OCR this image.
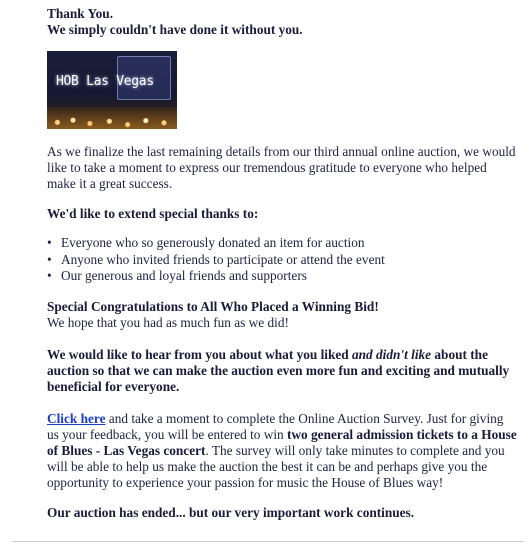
Thank You.

We simply couldn't have done it without you.

HOB Las Vegas

As we finalize the last remaining details from our third annual online auction, we would like to take a moment to express our tremendous gratitude to everyone who helped make it a great success.

We'd like to extend special thanks to:

• Everyone who so generously donated an item for auction
• Anyone who invited friends to participate or attend the event
• Our generous and loyal friends and supporters

Special Congratulations to All Who Placed a Winning Bid!

We hope that you had as much fun as we did!

We would like to hear from you about what you liked and didn't like about the auction so that we can make the auction even more fun and exciting and mutually beneficial for everyone.

Click here and take a moment to complete the Online Auction Survey. Just for giving us your feedback, you will be entered to win two general admission tickets to a House of Blues - Las Vegas concert. The survey will only take minutes to complete and you will be able to help us make the auction the best it can be and perhaps give you the opportunity to experience your passion for music the House of Blues way!

Our auction has ended... but our very important work continues.
